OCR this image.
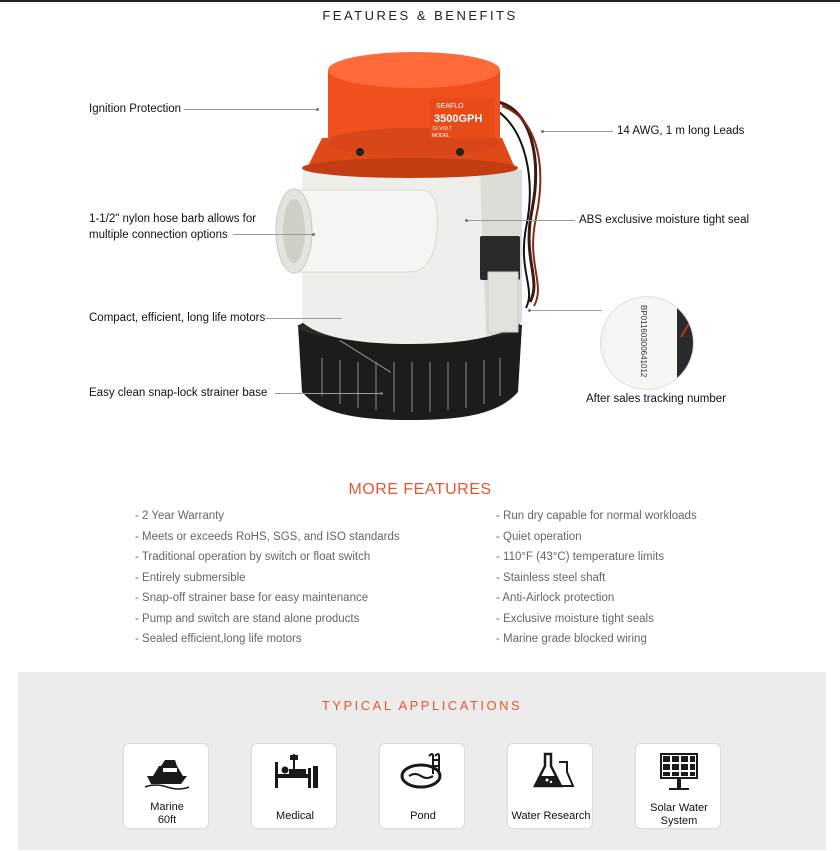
FEATURES & BENEFITS
SEAFLO
3500GPH
12-VOLT
MODEL
BP01160300641012
Ignition Protection
1-1/2" nylon hose barb allows for multiple connection options
Compact, efficient, long life motors
Easy clean snap-lock strainer base
14 AWG, 1 m long Leads
ABS exclusive moisture tight seal
After sales tracking number
MORE FEATURES
- 2 Year Warranty
- Meets or exceeds RoHS, SGS, and ISO standards
- Traditional operation by switch or float switch
- Entirely submersible
- Snap-off strainer base for easy maintenance
- Pump and switch are stand alone products
- Sealed efficient,long life motors
- Run dry capable for normal workloads
- Quiet operation
- 110°F (43°C) temperature limits
- Stainless steel shaft
- Anti-Airlock protection
- Exclusive moisture tight seals
- Marine grade blocked wiring
TYPICAL APPLICATIONS
Marine
60ft	Medical	Pond	Water Research
Solar Water
System
